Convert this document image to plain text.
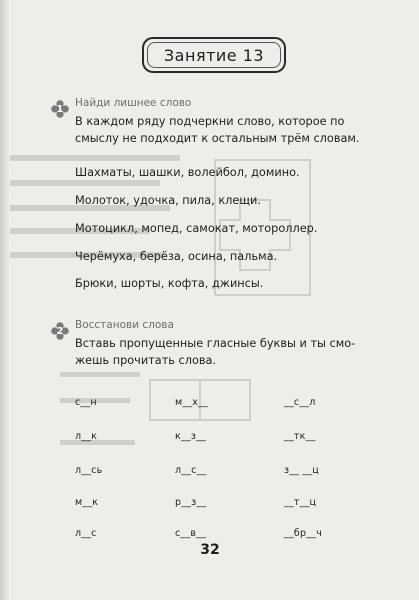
Занятие 13
1	Найди лишнее слово
В каждом ряду подчеркни слово, которое по
смыслу не подходит к остальным трём словам.
Шахматы, шашки, волейбол, домино.
Молоток, удочка, пила, клещи.
Мотоцикл, мопед, самокат, мотороллер.
Черёмуха, берёза, осина, пальма.
Брюки, шорты, кофта, джинсы.
2	Восстанови слова
Вставь пропущенные гласные буквы и ты смо-
жешь прочитать слова.
с__н	м__х__	__с__л
л__к	к__з__	__тк__
л__сь	л__с__	з__ __ц
м__к	р__з__	__т__ц
л__с	с__в__	__бр__ч
32
